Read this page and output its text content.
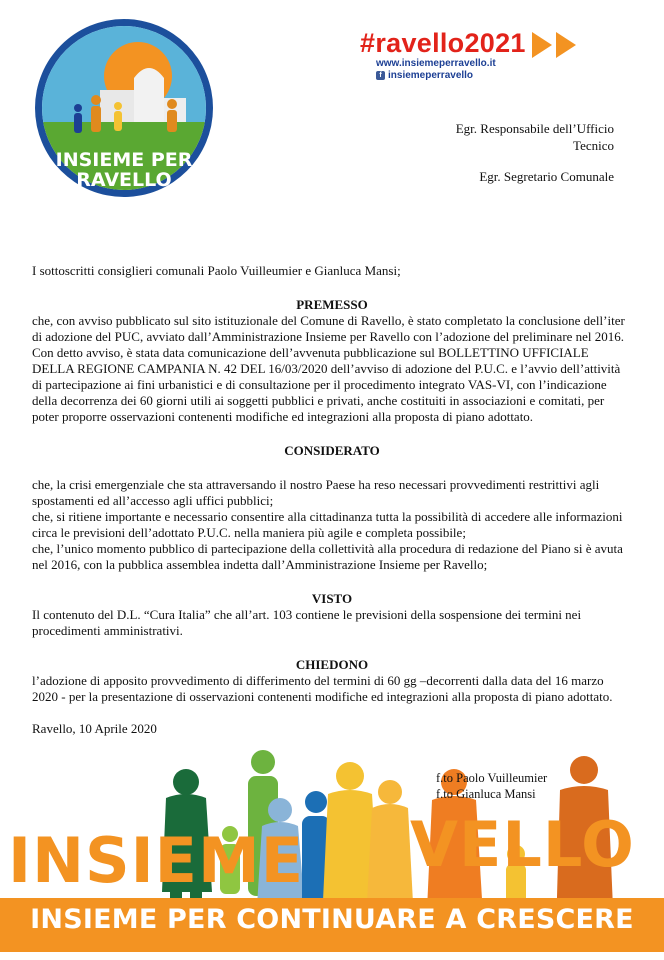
INSIEME PER
RAVELLO
#ravello2021
www.insiemeperravello.it
f insiemeperravello
Egr. Responsabile dell’Ufficio
Tecnico
Egr. Segretario Comunale

I sottoscritti consiglieri comunali Paolo Vuilleumier e Gianluca Mansi;

PREMESSO

che, con avviso pubblicato sul sito istituzionale del Comune di Ravello, è stato completato la conclusione dell’iter di adozione del PUC, avviato dall’Amministrazione Insieme per Ravello con l’adozione del preliminare nel 2016.

Con detto avviso, è stata data comunicazione dell’avvenuta pubblicazione sul BOLLETTINO UFFICIALE DELLA REGIONE CAMPANIA N. 42 DEL 16/03/2020 dell’avviso di adozione del P.U.C. e l’avvio dell’attività di partecipazione ai fini urbanistici e di consultazione per il procedimento integrato VAS-VI, con l’indicazione della decorrenza dei 60 giorni utili ai soggetti pubblici e privati, anche costituiti in associazioni e comitati, per poter proporre osservazioni contenenti modifiche ed integrazioni alla proposta di piano adottato.

CONSIDERATO

che, la crisi emergenziale che sta attraversando il nostro Paese ha reso necessari provvedimenti restrittivi agli spostamenti ed all’accesso agli uffici pubblici;

che, si ritiene importante e necessario consentire alla cittadinanza tutta la possibilità di accedere alle informazioni circa le previsioni dell’adottato P.U.C. nella maniera più agile e completa possibile;

che, l’unico momento pubblico di partecipazione della collettività alla procedura di redazione del Piano si è avuta nel 2016, con la pubblica assemblea indetta dall’Amministrazione Insieme per Ravello;

VISTO

Il contenuto del D.L. “Cura Italia” che all’art. 103 contiene le previsioni della sospensione dei termini nei procedimenti amministrativi.

CHIEDONO

l’adozione di apposito provvedimento di differimento del termini di 60 gg –decorrenti dalla data del 16 marzo 2020 - per la presentazione di osservazioni contenenti modifiche ed integrazioni alla proposta di piano adottato.

Ravello, 10 Aprile 2020

INSIEME VELLO
INSIEME PER CONTINUARE A CRESCERE
f.to Paolo Vuilleumier
f.to Gianluca Mansi
